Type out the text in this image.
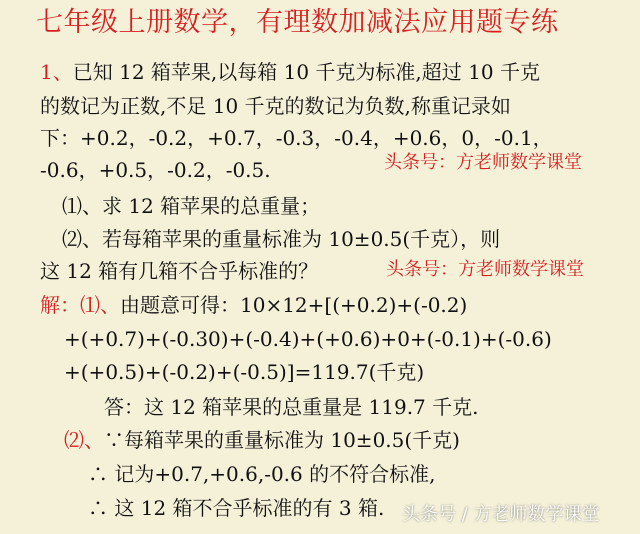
七年级上册数学，有理数加减法应用题专练
1、已知 12 箱苹果,以每箱 10 千克为标准,超过 10 千克
的数记为正数,不足 10 千克的数记为负数,称重记录如
下：+0.2，-0.2，+0.7，-0.3，-0.4，+0.6，0，-0.1，
-0.6，+0.5，-0.2，-0.5.	头条号：方老师数学课堂
⑴、求 12 箱苹果的总重量；
⑵、若每箱苹果的重量标准为 10±0.5(千克），则
这 12 箱有几箱不合乎标准的？	头条号：方老师数学课堂
解：⑴、由题意可得：10×12+[(+0.2)+(-0.2)
+(+0.7)+(-0.30)+(-0.4)+(+0.6)+0+(-0.1)+(-0.6)
+(+0.5)+(-0.2)+(-0.5)]=119.7(千克)
答：这 12 箱苹果的总重量是 119.7 千克.
⑵、∵每箱苹果的重量标准为 10±0.5(千克)
∴ 记为+0.7,+0.6,-0.6 的不符合标准,
∴ 这 12 箱不合乎标准的有 3 箱. 头条号 / 方老师数学课堂
